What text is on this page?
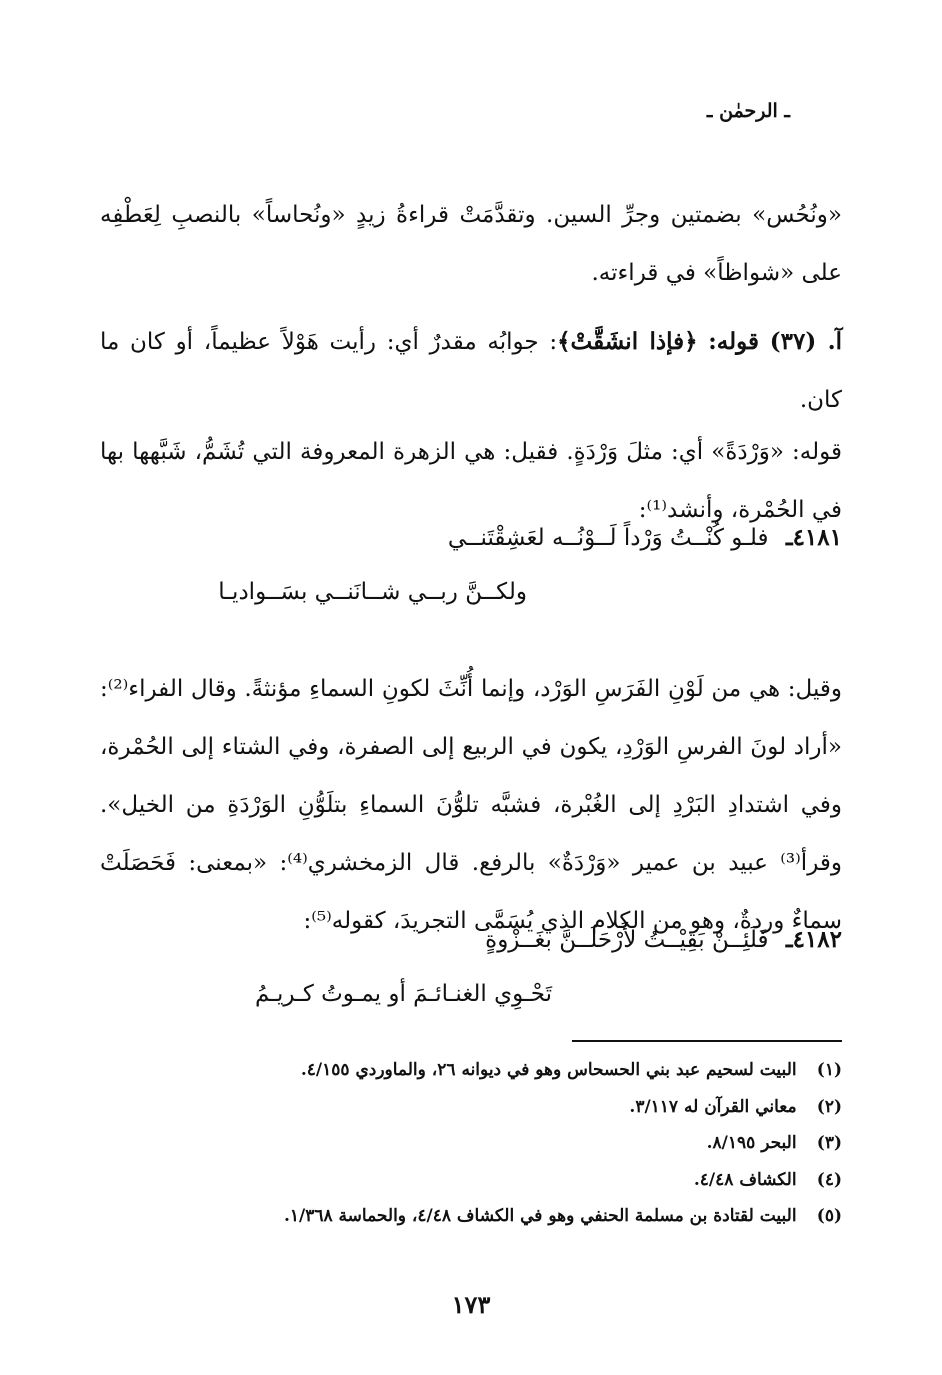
ـ الرحمٰن ـ

«ونُحُس» بضمتين وجرِّ السين. وتقدَّمَتْ قراءةُ زيدٍ «ونُحاساً» بالنصبِ لِعَطْفِه على «شواظاً» في قراءته.

آ. (٣٧) قوله: ﴿فإذا انشَقَّتْ﴾: جوابُه مقدرٌ أي: رأيت هَوْلاً عظيماً، أو كان ما كان.

قوله: «وَرْدَةً» أي: مثلَ وَرْدَةٍ. فقيل: هي الزهرة المعروفة التي تُشَمُّ، شَبَّهها بها في الحُمْرة، وأنشد⁽¹⁾:

٤١٨١ـ فلـو كُنْــتُ وَرْداً لَــوْنُــه لعَشِقْتَنــي
ولكــنَّ ربــي شــانَنــي بسَــواديـا

وقيل: هي من لَوْنِ الفَرَسِ الوَرْد، وإنما أُنِّثَ لكونِ السماءِ مؤنثةً. وقال الفراء⁽²⁾: «أراد لونَ الفرسِ الوَرْدِ، يكون في الربيع إلى الصفرة، وفي الشتاء إلى الحُمْرة، وفي اشتدادِ البَرْدِ إلى الغُبْرة، فشبَّه تلوُّنَ السماءِ بتلَوُّنِ الوَرْدَةِ من الخيل». وقرأ⁽³⁾ عبيد بن عمير «وَرْدَةٌ» بالرفع. قال الزمخشري⁽⁴⁾: «بمعنى: فَحَصَلَتْ سماءٌ وردةٌ، وهو من الكلام الذي يُسَمَّى التجريدَ، كقوله⁽⁵⁾:

٤١٨٢ـ فَلَئِــنْ بَقِيْــتُ لأَرْحَلَــنَّ بغَــزْوةٍ
تَحْـوِي الغنـائـمَ أو يمـوتُ كـريـمُ
(١) البيت لسحيم عبد بني الحسحاس وهو في ديوانه ٢٦، والماوردي ٤/١٥٥.
(٢) معاني القرآن له ٣/١١٧.
(٣) البحر ٨/١٩٥.
(٤) الكشاف ٤/٤٨.
(٥) البيت لقتادة بن مسلمة الحنفي وهو في الكشاف ٤/٤٨، والحماسة ١/٣٦٨.
١٧٣
